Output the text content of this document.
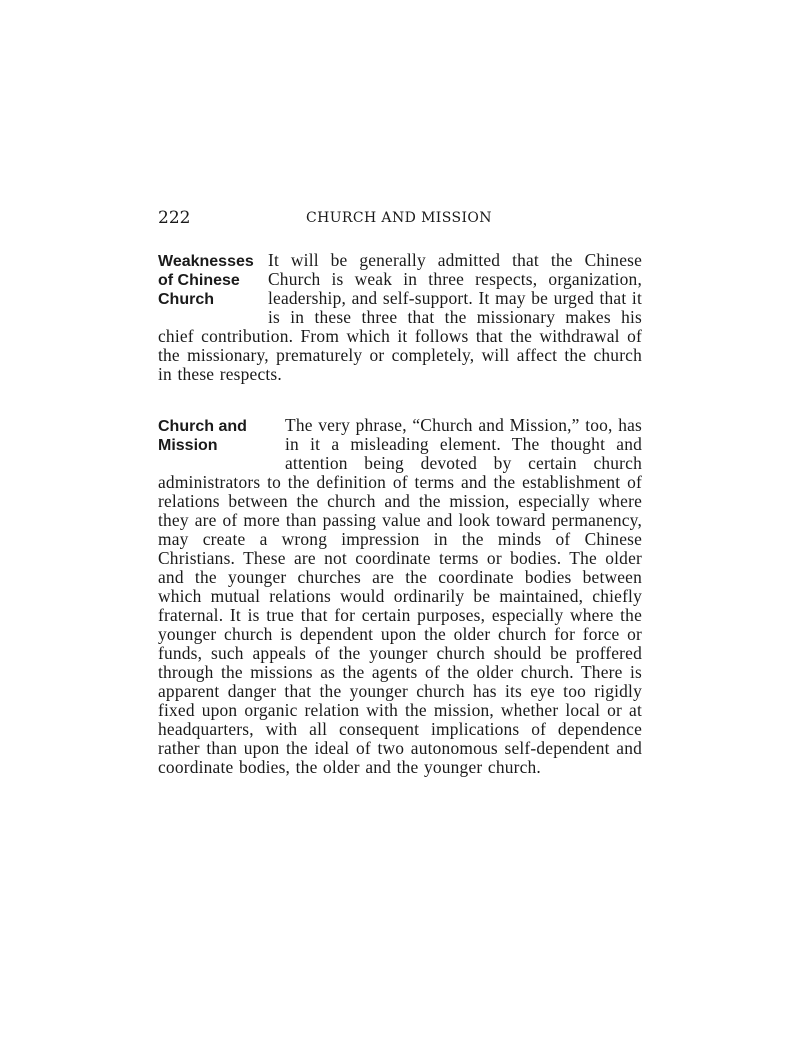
222	CHURCH AND MISSION
Weaknesses
of Chinese
Church

It will be generally admitted that the Chinese Church is weak in three respects, organization, leadership, and self-support. It may be urged that it is in these three that the missionary makes his chief contribution. From which it follows that the withdrawal of the missionary, prematurely or completely, will affect the church in these respects.

Church and
Mission

The very phrase, “Church and Mission,” too, has in it a misleading element. The thought and attention being devoted by certain church administrators to the definition of terms and the establishment of relations between the church and the mission, especially where they are of more than passing value and look toward permanency, may create a wrong impression in the minds of Chinese Christians. These are not coordinate terms or bodies. The older and the younger churches are the coordinate bodies between which mutual relations would ordinarily be maintained, chiefly fraternal. It is true that for certain purposes, especially where the younger church is dependent upon the older church for force or funds, such appeals of the younger church should be proffered through the missions as the agents of the older church. There is apparent danger that the younger church has its eye too rigidly fixed upon organic relation with the mission, whether local or at headquarters, with all consequent implications of dependence rather than upon the ideal of two autonomous self-dependent and coordinate bodies, the older and the younger church.
